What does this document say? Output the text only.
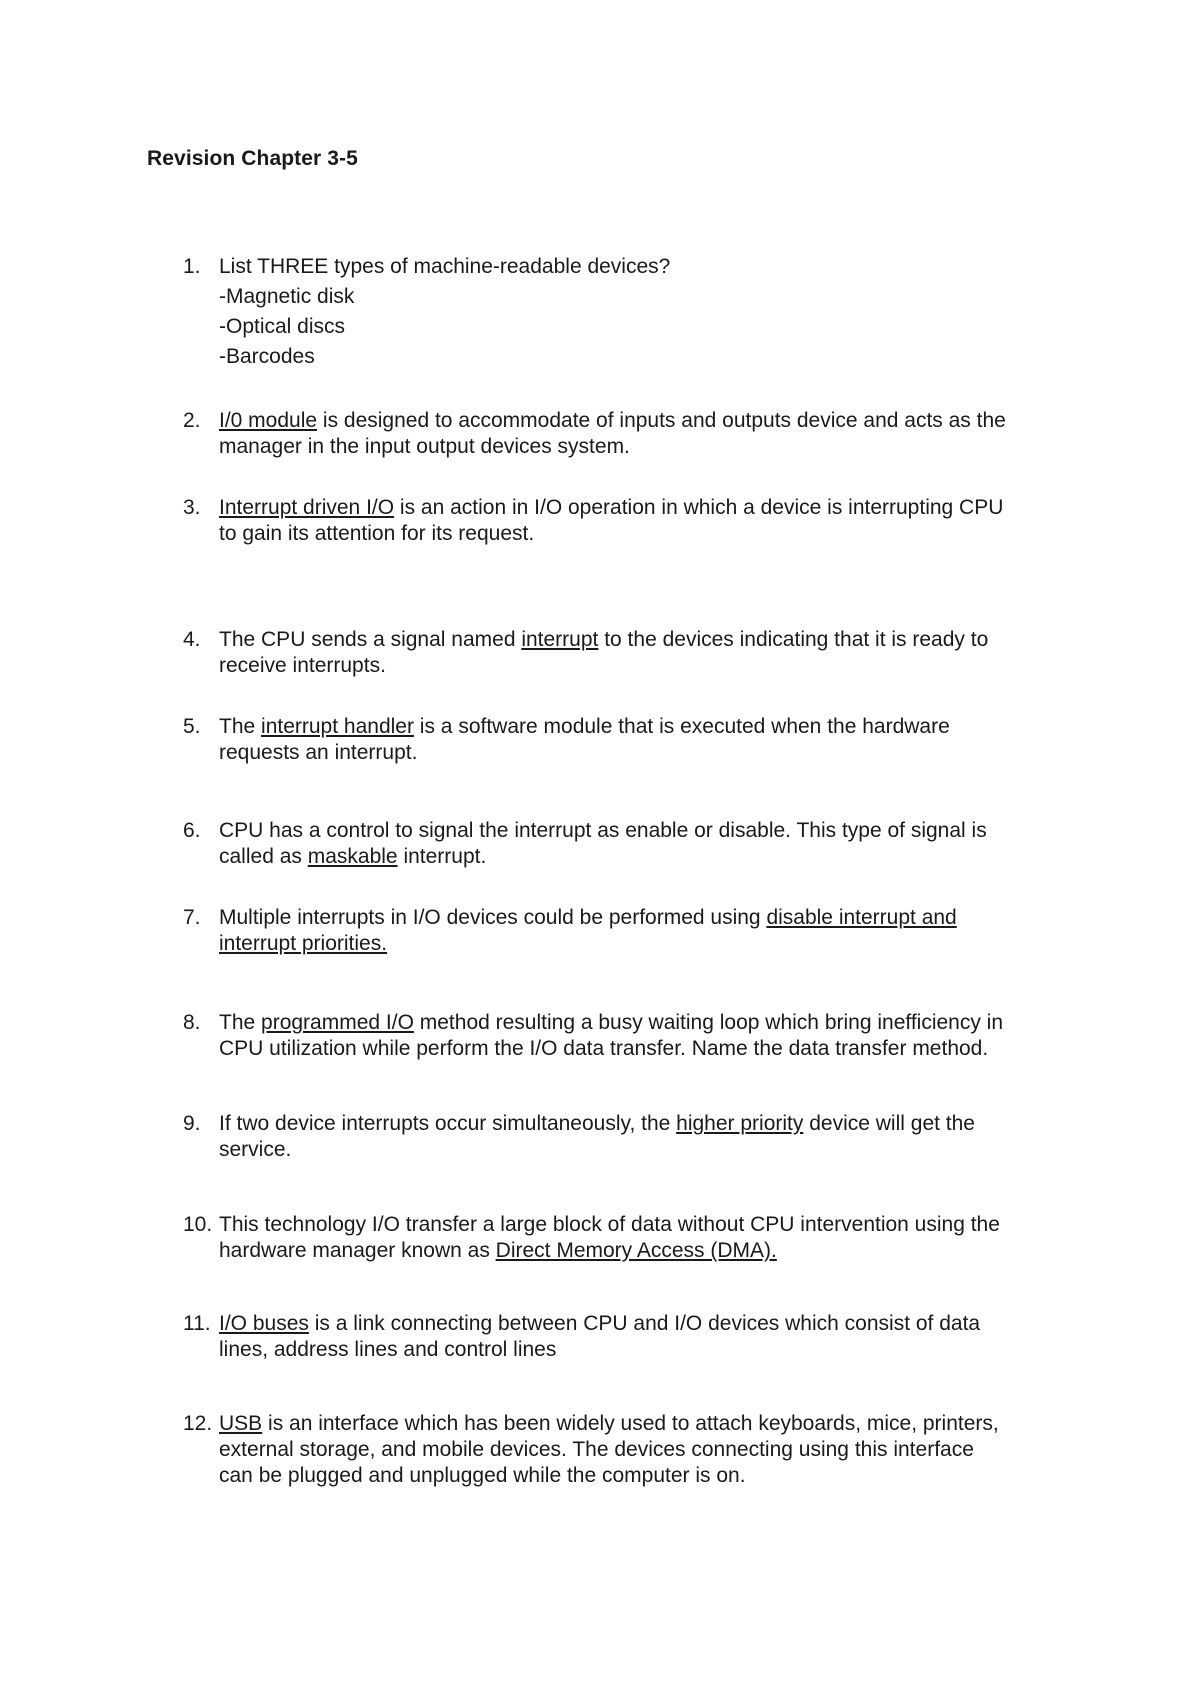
Revision Chapter 3-5
1. List THREE types of machine-readable devices?
-Magnetic disk
-Optical discs
-Barcodes
2. I/0 module is designed to accommodate of inputs and outputs device and acts as the
manager in the input output devices system.
3. Interrupt driven I/O is an action in I/O operation in which a device is interrupting CPU
to gain its attention for its request.
4. The CPU sends a signal named interrupt to the devices indicating that it is ready to
receive interrupts.
5. The interrupt handler is a software module that is executed when the hardware
requests an interrupt.
6. CPU has a control to signal the interrupt as enable or disable. This type of signal is
called as maskable interrupt.
7. Multiple interrupts in I/O devices could be performed using disable interrupt and
interrupt priorities.
8. The programmed I/O method resulting a busy waiting loop which bring inefficiency in
CPU utilization while perform the I/O data transfer. Name the data transfer method.
9. If two device interrupts occur simultaneously, the higher priority device will get the
service.
10. This technology I/O transfer a large block of data without CPU intervention using the
hardware manager known as Direct Memory Access (DMA).
11. I/O buses is a link connecting between CPU and I/O devices which consist of data
lines, address lines and control lines
12. USB is an interface which has been widely used to attach keyboards, mice, printers,
external storage, and mobile devices. The devices connecting using this interface
can be plugged and unplugged while the computer is on.
